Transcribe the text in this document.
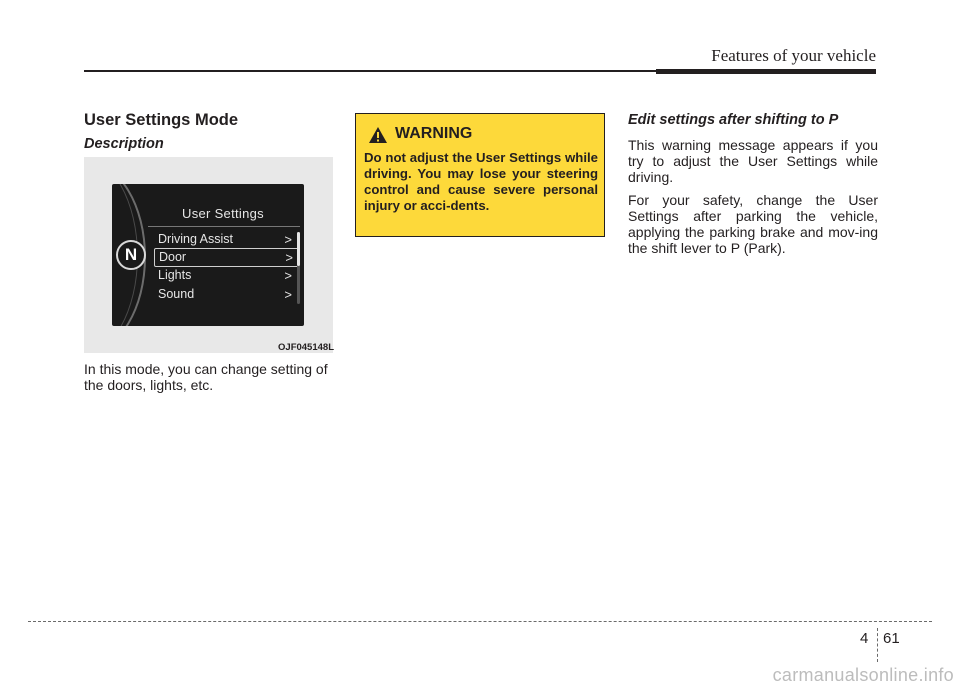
Features of your vehicle
User Settings Mode
Description
N
User Settings
Driving Assist	>
Door	>
Lights	>
Sound	>
OJF045148L
In this mode, you can change setting of the doors, lights, etc.
WARNING
Do not adjust the User Settings while driving. You may lose your steering control and cause severe personal injury or acci-dents.
Edit settings after shifting to P

This warning message appears if you try to adjust the User Settings while driving.

For your safety, change the User Settings after parking the vehicle, applying the parking brake and mov-ing the shift lever to P (Park).

4 61
carmanualsonline.info
